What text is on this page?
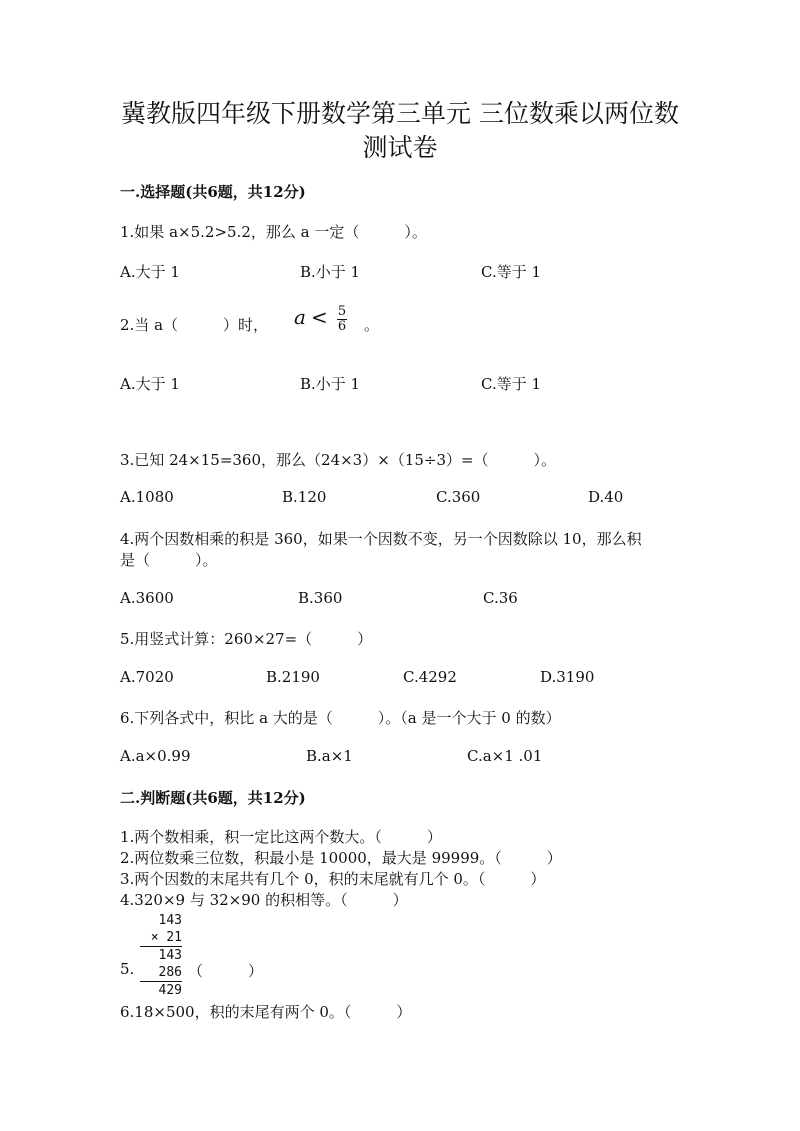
冀教版四年级下册数学第三单元 三位数乘以两位数
测试卷
一.选择题(共6题，共12分)
1.如果 a×5.2>5.2，那么 a 一定（　　　）。
A.大于 1	B.小于 1	C.等于 1
2.当 a（　　　）时， $a < \frac{5}{6}$ 。
A.大于 1	B.小于 1	C.等于 1
3.已知 24×15=360，那么（24×3）×（15÷3）=（　　　）。
A.1080	B.120	C.360	D.40
4.两个因数相乘的积是 360，如果一个因数不变，另一个因数除以 10，那么积
是（　　　）。
A.3600	B.360	C.36
5.用竖式计算：260×27=（　　　）
A.7020	B.2190	C.4292	D.3190
6.下列各式中，积比 a 大的是（　　　）。（a 是一个大于 0 的数）
A.a×0.99	B.a×1	C.a×1 .01
二.判断题(共6题，共12分)
1.两个数相乘，积一定比这两个数大。（　　　）
2.两位数乘三位数，积最小是 10000，最大是 99999。（　　　）
3.两个因数的末尾共有几个 0，积的末尾就有几个 0。（　　　）
4.320×9 与 32×90 的积相等。（　　　）
143
× 21
143
286
429
5.	（　　　）
6.18×500，积的末尾有两个 0。（　　　）
